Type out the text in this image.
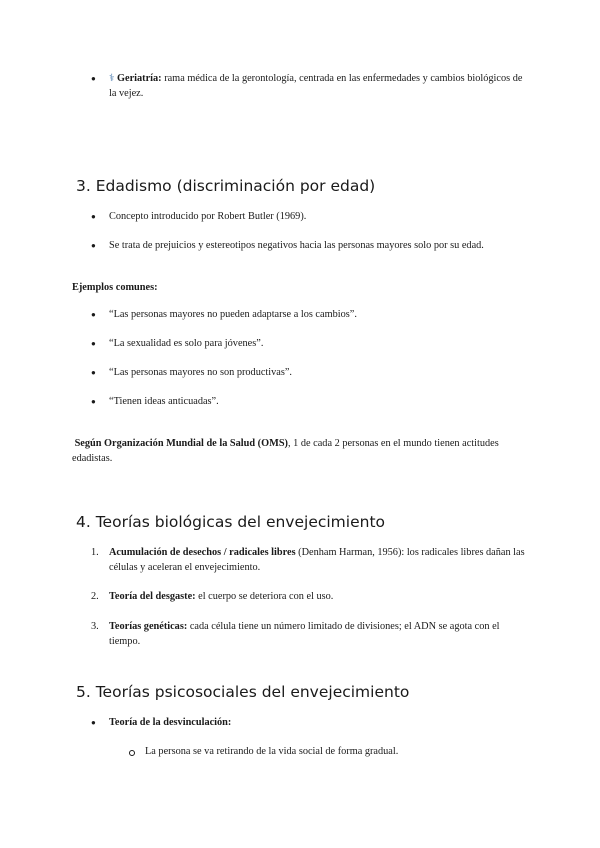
● ⚕ Geriatría: rama médica de la gerontología, centrada en las enfermedades y cambios biológicos de la vejez.
3. Edadismo (discriminación por edad)
● Concepto introducido por Robert Butler (1969).
● Se trata de prejuicios y estereotipos negativos hacia las personas mayores solo por su edad.
Ejemplos comunes:
● “Las personas mayores no pueden adaptarse a los cambios”.
● “La sexualidad es solo para jóvenes”.
● “Las personas mayores no son productivas”.
● “Tienen ideas anticuadas”.
Según Organización Mundial de la Salud (OMS), 1 de cada 2 personas en el mundo tienen actitudes edadistas.
4. Teorías biológicas del envejecimiento
1. Acumulación de desechos / radicales libres (Denham Harman, 1956): los radicales libres dañan las células y aceleran el envejecimiento.
2. Teoría del desgaste: el cuerpo se deteriora con el uso.
3. Teorías genéticas: cada célula tiene un número limitado de divisiones; el ADN se agota con el tiempo.
5. Teorías psicosociales del envejecimiento
● Teoría de la desvinculación:
La persona se va retirando de la vida social de forma gradual.
